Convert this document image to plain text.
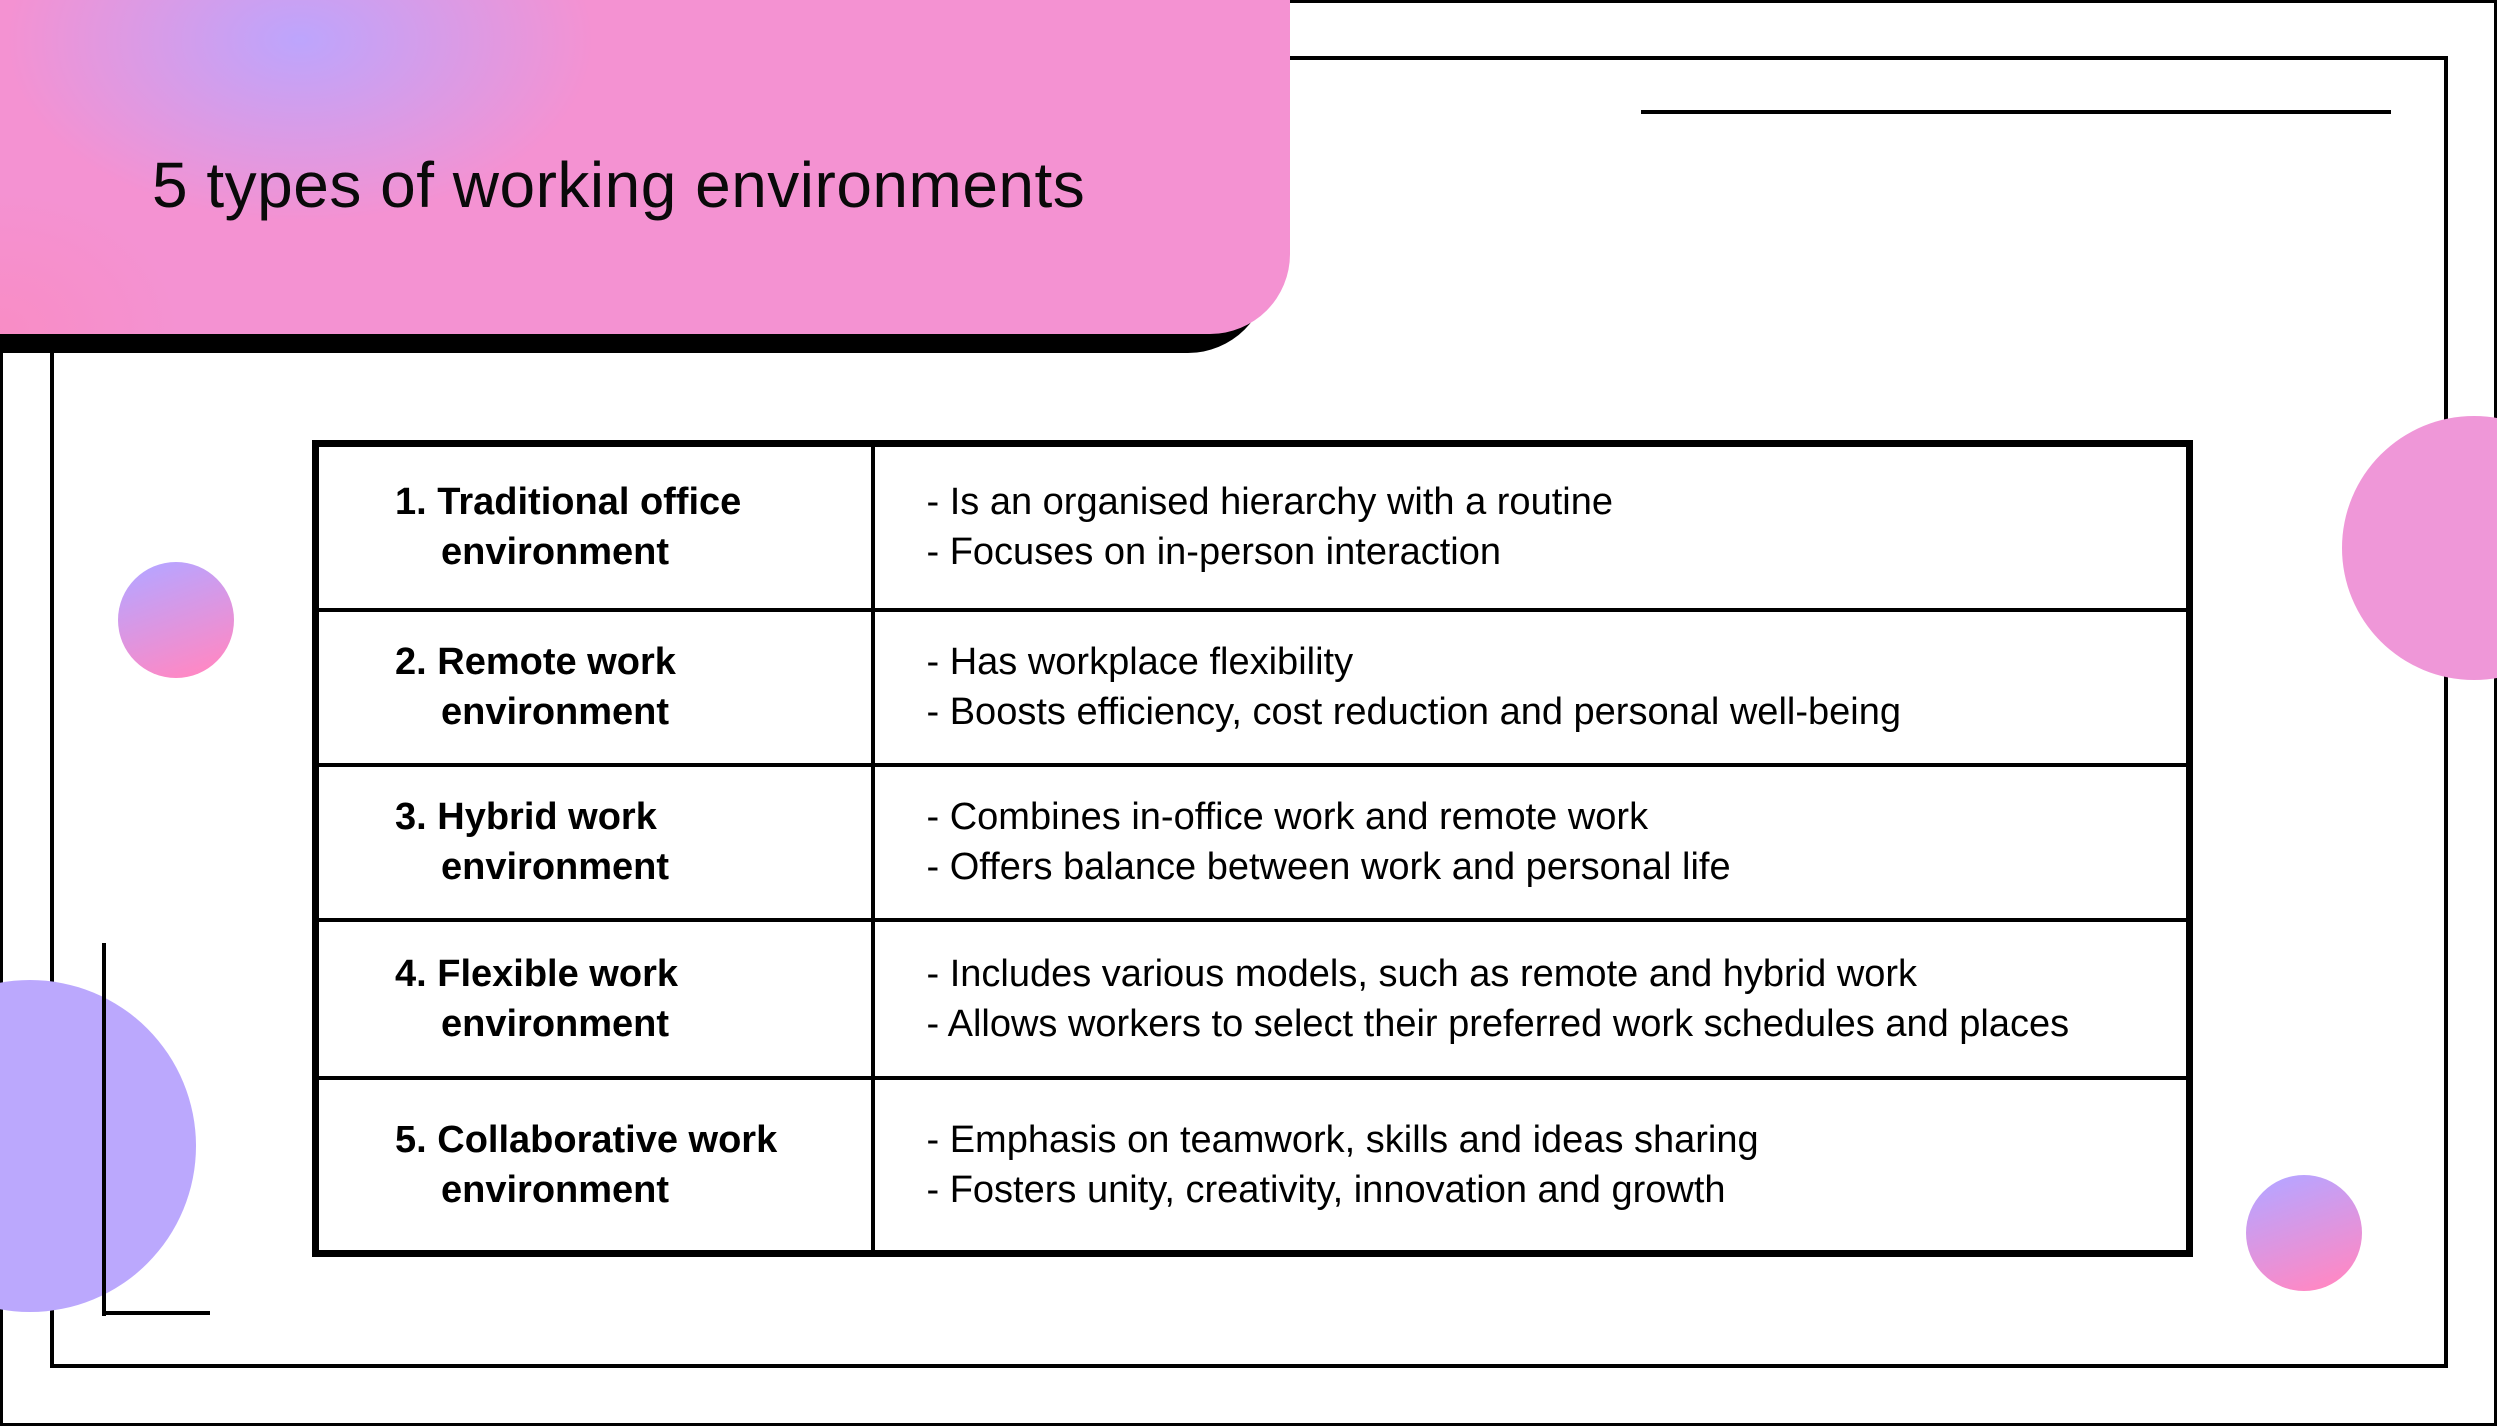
5 types of working environments
1. Traditional office
environment	- Is an organised hierarchy with a routine
- Focuses on in-person interaction

2. Remote work
environment	- Has workplace flexibility
- Boosts efficiency, cost reduction and personal well-being

3. Hybrid work
environment	- Combines in-office work and remote work
- Offers balance between work and personal life

4. Flexible work
environment	- Includes various models, such as remote and hybrid work
- Allows workers to select their preferred work schedules and places

5. Collaborative work
environment	- Emphasis on teamwork, skills and ideas sharing
- Fosters unity, creativity, innovation and growth
